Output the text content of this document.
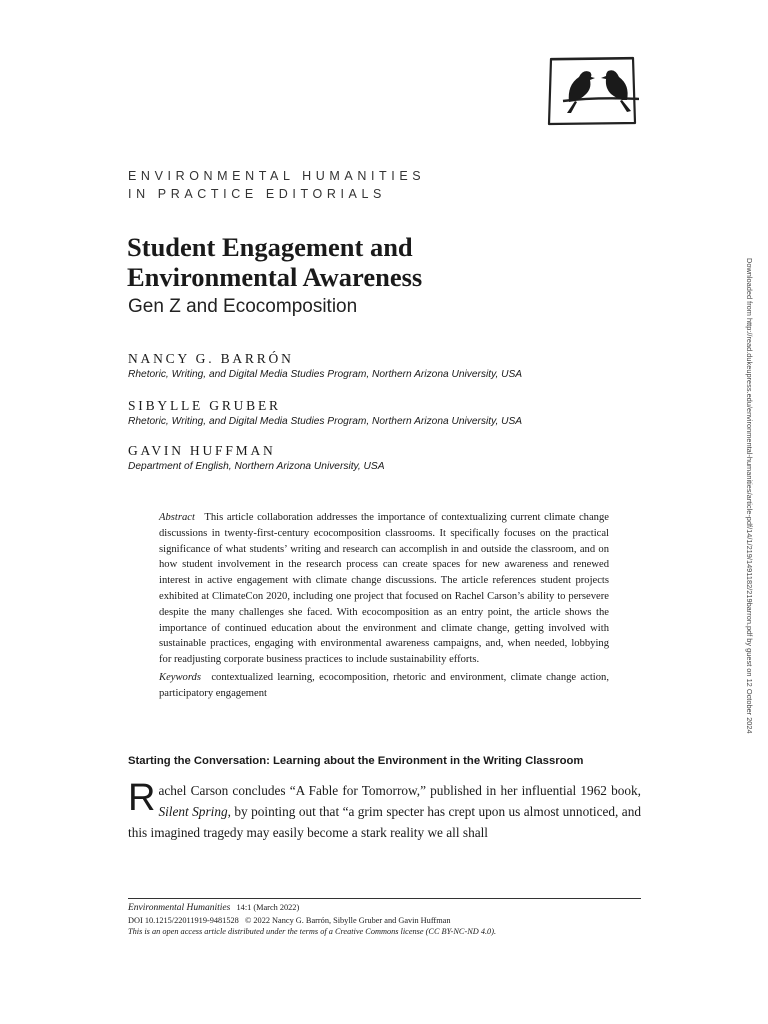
ENVIRONMENTAL HUMANITIES
IN PRACTICE EDITORIALS
Student Engagement and
Environmental Awareness
Gen Z and Ecocomposition
NANCY G. BARRÓN
Rhetoric, Writing, and Digital Media Studies Program, Northern Arizona University, USA
SIBYLLE GRUBER
Rhetoric, Writing, and Digital Media Studies Program, Northern Arizona University, USA
GAVIN HUFFMAN
Department of English, Northern Arizona University, USA

Abstract This article collaboration addresses the importance of contextualizing current climate change discussions in twenty-first-century ecocomposition classrooms. It specifically focuses on the practical significance of what students’ writing and research can accomplish in and outside the classroom, and on how student involvement in the research process can create spaces for new awareness and renewed interest in active engagement with climate change discussions. The article references student projects exhibited at ClimateCon 2020, including one project that focused on Rachel Carson’s ability to persevere despite the many challenges she faced. With ecocomposition as an entry point, the article shows the importance of continued education about the environment and climate change, getting involved with sustainable practices, engaging with environmental awareness campaigns, and, when needed, lobbying for readjusting corporate business practices to include sustainability efforts.

Keywords contextualized learning, ecocomposition, rhetoric and environment, climate change action, participatory engagement

Starting the Conversation: Learning about the Environment in the Writing Classroom
Rachel Carson concludes “A Fable for Tomorrow,” published in her influential 1962 book, Silent Spring, by pointing out that “a grim specter has crept upon us almost unnoticed, and this imagined tragedy may easily become a stark reality we all shall
Environmental Humanities 14:1 (March 2022)
DOI 10.1215/22011919-9481528 © 2022 Nancy G. Barrón, Sibylle Gruber and Gavin Huffman
This is an open access article distributed under the terms of a Creative Commons license (CC BY-NC-ND 4.0).
Downloaded from http://read.dukeupress.edu/environmental-humanities/article-pdf/14/1/219/1491182/219barron.pdf by guest on 12 October 2024
